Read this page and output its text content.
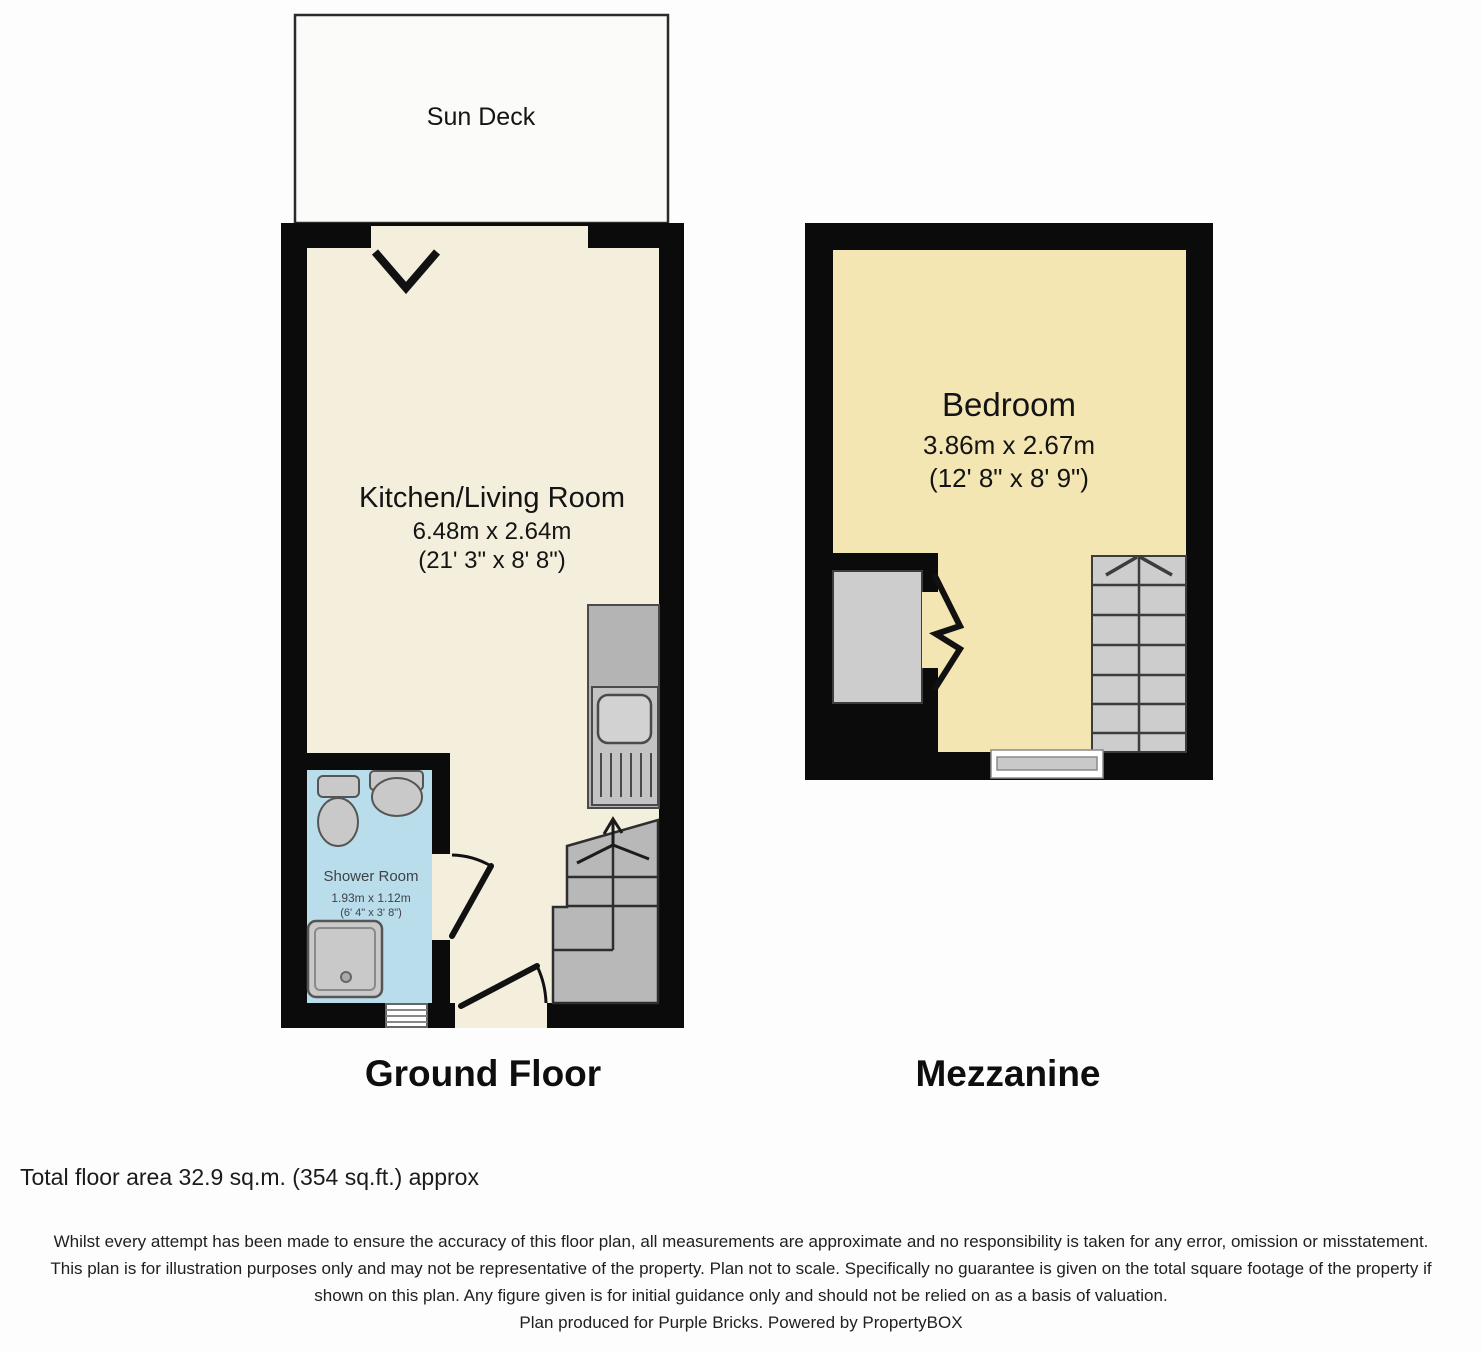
Sun Deck
Kitchen/Living Room
6.48m x 2.64m
(21' 3" x 8' 8")
Shower Room
1.93m x 1.12m
(6' 4" x 3' 8")
Bedroom
3.86m x 2.67m
(12' 8" x 8' 9")
Ground Floor	Mezzanine
Total floor area 32.9 sq.m. (354 sq.ft.) approx

Whilst every attempt has been made to ensure the accuracy of this floor plan, all measurements are approximate and no responsibility is taken for any error, omission or misstatement. This plan is for illustration purposes only and may not be representative of the property. Plan not to scale. Specifically no guarantee is given on the total square footage of the property if shown on this plan. Any figure given is for initial guidance only and should not be relied on as a basis of valuation.

Plan produced for Purple Bricks. Powered by PropertyBOX
